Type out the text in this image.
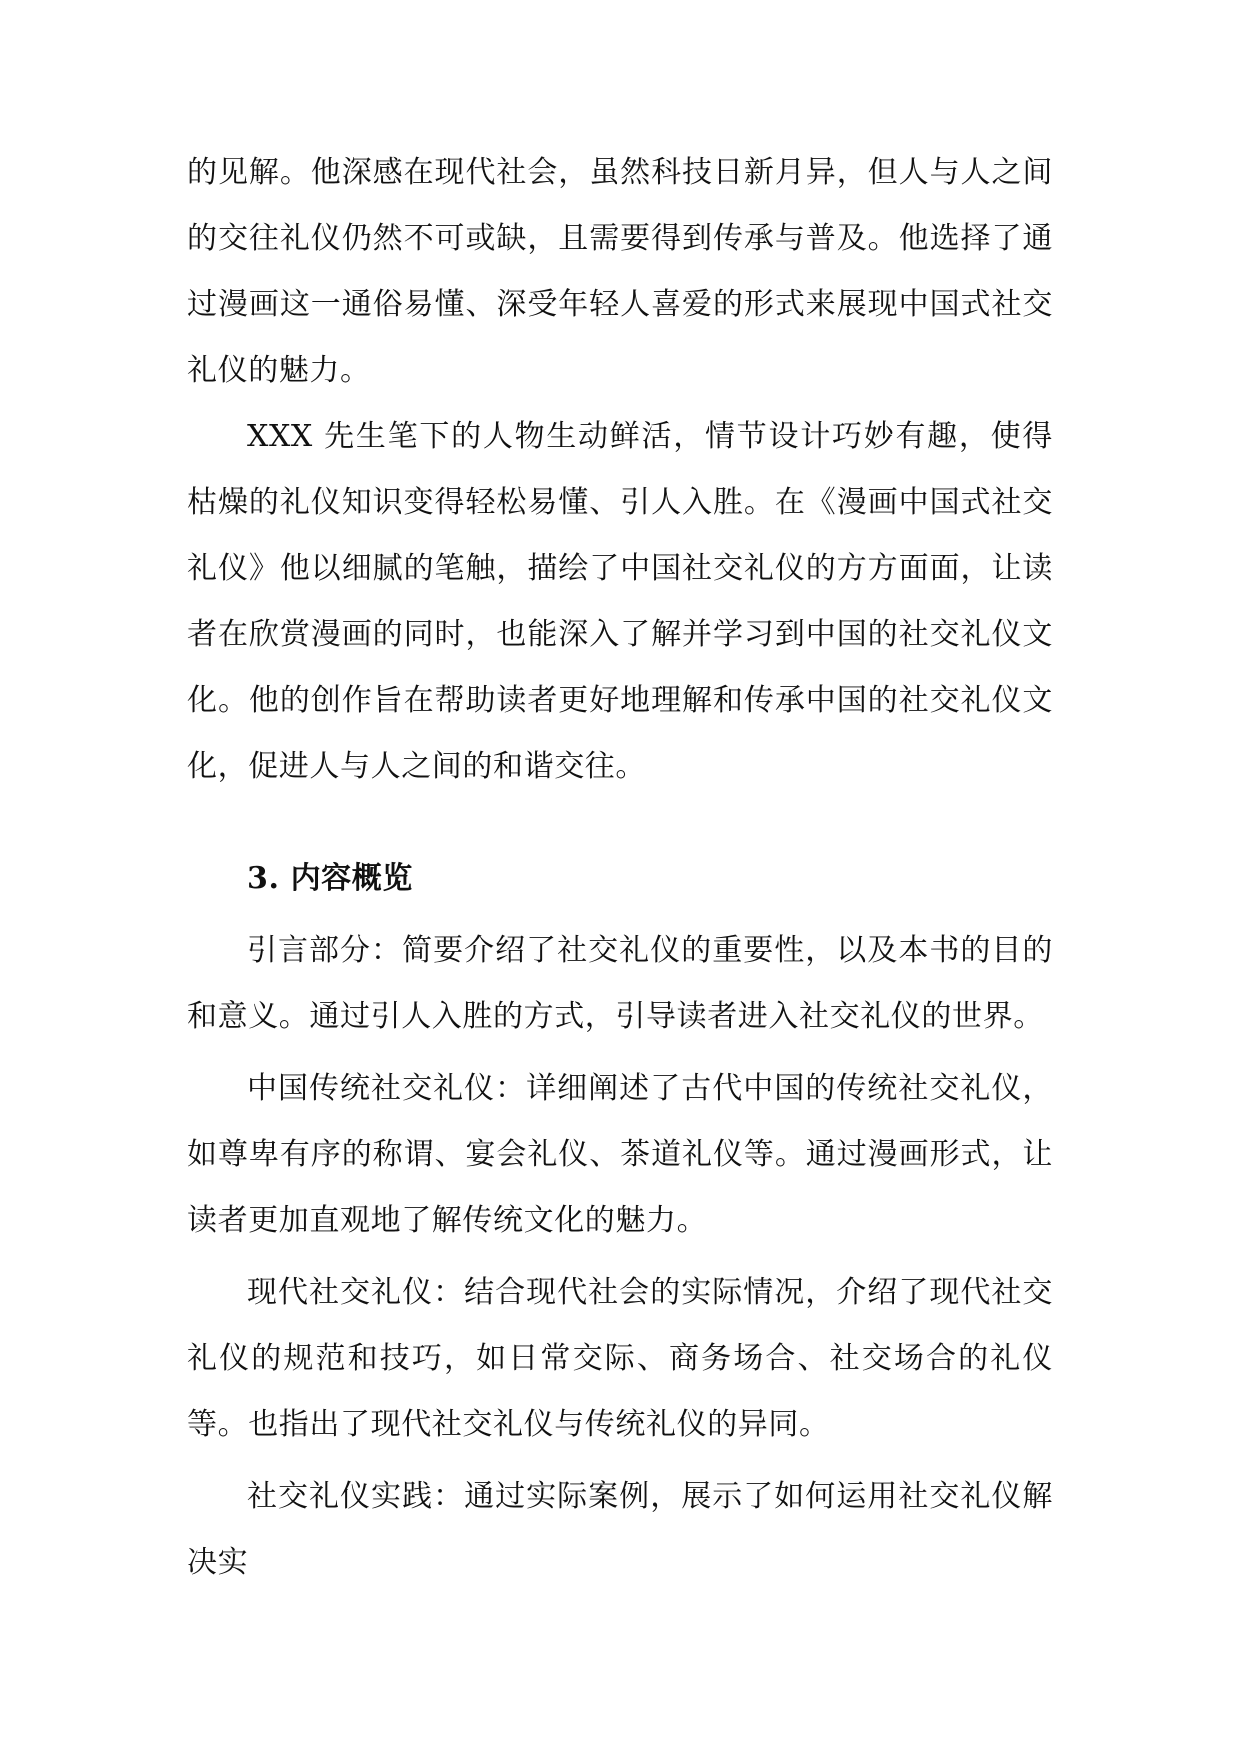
的见解。他深感在现代社会，虽然科技日新月异，但人与人之间的交往礼仪仍然不可或缺，且需要得到传承与普及。他选择了通过漫画这一通俗易懂、深受年轻人喜爱的形式来展现中国式社交礼仪的魅力。

XXX 先生笔下的人物生动鲜活，情节设计巧妙有趣，使得枯燥的礼仪知识变得轻松易懂、引人入胜。在《漫画中国式社交礼仪》他以细腻的笔触，描绘了中国社交礼仪的方方面面，让读者在欣赏漫画的同时，也能深入了解并学习到中国的社交礼仪文化。他的创作旨在帮助读者更好地理解和传承中国的社交礼仪文化，促进人与人之间的和谐交往。

3. 内容概览

引言部分：简要介绍了社交礼仪的重要性，以及本书的目的和意义。通过引人入胜的方式，引导读者进入社交礼仪的世界。

中国传统社交礼仪：详细阐述了古代中国的传统社交礼仪，如尊卑有序的称谓、宴会礼仪、茶道礼仪等。通过漫画形式，让读者更加直观地了解传统文化的魅力。

现代社交礼仪：结合现代社会的实际情况，介绍了现代社交礼仪的规范和技巧，如日常交际、商务场合、社交场合的礼仪等。也指出了现代社交礼仪与传统礼仪的异同。

社交礼仪实践：通过实际案例，展示了如何运用社交礼仪解决实
